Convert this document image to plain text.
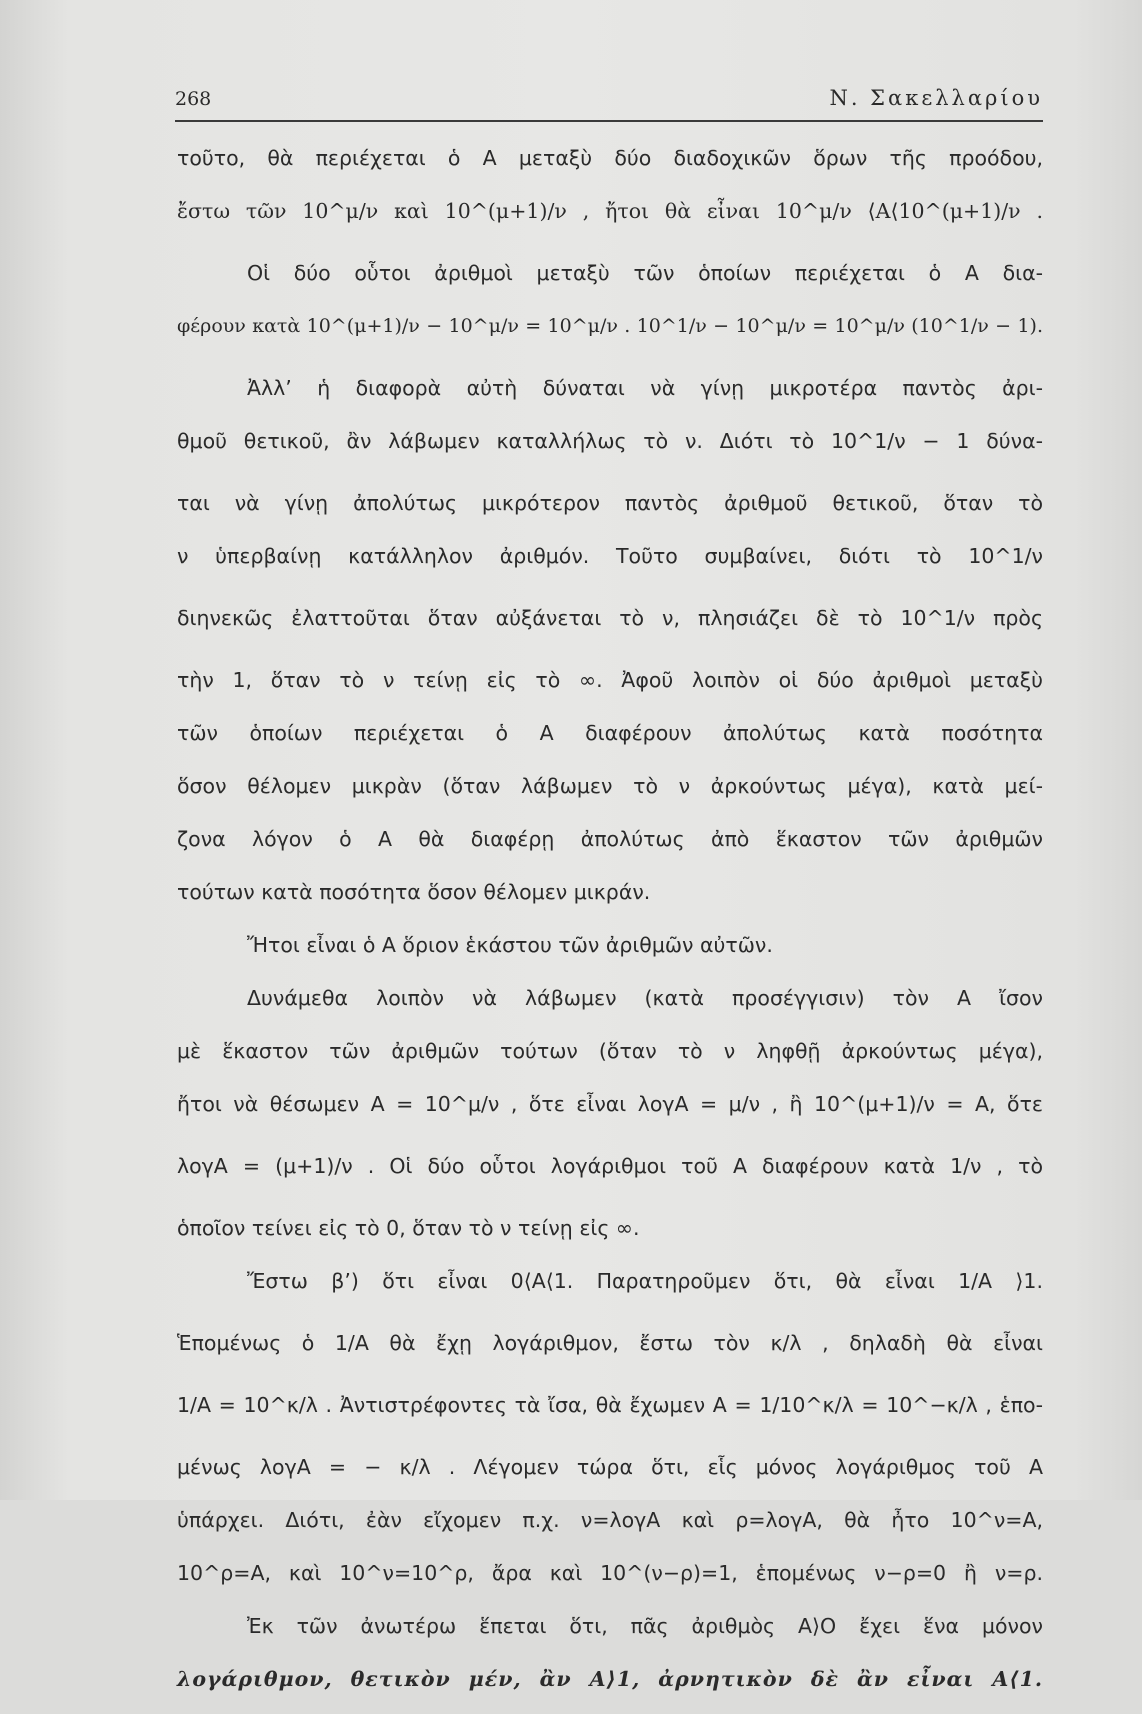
268	Ν. Σακελλαρίου
τοῦτο, θὰ περιέχεται ὁ Α μεταξὺ δύο διαδοχικῶν ὅρων τῆς προόδου,
ἔστω τῶν 10^μ/ν καὶ 10^(μ+1)/ν , ἤτοι θὰ εἶναι 10^μ/ν ⟨Α⟨10^(μ+1)/ν .
Οἱ δύο οὗτοι ἀριθμοὶ μεταξὺ τῶν ὁποίων περιέχεται ὁ Α δια-
φέρουν κατὰ 10^(μ+1)/ν − 10^μ/ν = 10^μ/ν . 10^1/ν − 10^μ/ν = 10^μ/ν (10^1/ν − 1).
Ἀλλ’ ἡ διαφορὰ αὐτὴ δύναται νὰ γίνῃ μικροτέρα παντὸς ἀρι-
θμοῦ θετικοῦ, ἂν λάβωμεν καταλλήλως τὸ ν. Διότι τὸ 10^1/ν − 1 δύνα-
ται νὰ γίνῃ ἀπολύτως μικρότερον παντὸς ἀριθμοῦ θετικοῦ, ὅταν τὸ
ν ὑπερβαίνῃ κατάλληλον ἀριθμόν. Τοῦτο συμβαίνει, διότι τὸ 10^1/ν
διηνεκῶς ἐλαττοῦται ὅταν αὐξάνεται τὸ ν, πλησιάζει δὲ τὸ 10^1/ν πρὸς
τὴν 1, ὅταν τὸ ν τείνῃ εἰς τὸ ∞. Ἀφοῦ λοιπὸν οἱ δύο ἀριθμοὶ μεταξὺ
τῶν ὁποίων περιέχεται ὁ Α διαφέρουν ἀπολύτως κατὰ ποσότητα
ὅσον θέλομεν μικρὰν (ὅταν λάβωμεν τὸ ν ἀρκούντως μέγα), κατὰ μεί-
ζονα λόγον ὁ Α θὰ διαφέρῃ ἀπολύτως ἀπὸ ἕκαστον τῶν ἀριθμῶν
τούτων κατὰ ποσότητα ὅσον θέλομεν μικράν.
Ἤτοι εἶναι ὁ Α ὅριον ἑκάστου τῶν ἀριθμῶν αὐτῶν.
Δυνάμεθα λοιπὸν νὰ λάβωμεν (κατὰ προσέγγισιν) τὸν Α ἴσον
μὲ ἕκαστον τῶν ἀριθμῶν τούτων (ὅταν τὸ ν ληφθῇ ἀρκούντως μέγα),
ἤτοι νὰ θέσωμεν Α = 10^μ/ν , ὅτε εἶναι λογΑ = μ/ν , ἢ 10^(μ+1)/ν = Α, ὅτε
λογΑ = (μ+1)/ν . Οἱ δύο οὗτοι λογάριθμοι τοῦ Α διαφέρουν κατὰ 1/ν , τὸ
ὁποῖον τείνει εἰς τὸ 0, ὅταν τὸ ν τείνῃ εἰς ∞.
Ἔστω β’) ὅτι εἶναι 0⟨Α⟨1. Παρατηροῦμεν ὅτι, θὰ εἶναι 1/Α ⟩1.
Ἑπομένως ὁ 1/Α θὰ ἔχῃ λογάριθμον, ἔστω τὸν κ/λ , δηλαδὴ θὰ εἶναι
1/Α = 10^κ/λ . Ἀντιστρέφοντες τὰ ἴσα, θὰ ἔχωμεν Α = 1/10^κ/λ = 10^−κ/λ , ἑπο-
μένως λογΑ = − κ/λ . Λέγομεν τώρα ὅτι, εἷς μόνος λογάριθμος τοῦ Α
ὑπάρχει. Διότι, ἐὰν εἴχομεν π.χ. ν=λογΑ καὶ ρ=λογΑ, θὰ ἦτο 10^ν=Α,
10^ρ=Α, καὶ 10^ν=10^ρ, ἄρα καὶ 10^(ν−ρ)=1, ἑπομένως ν−ρ=0 ἢ ν=ρ.
Ἐκ τῶν ἀνωτέρω ἕπεται ὅτι, πᾶς ἀριθμὸς Α⟩Ο ἔχει ἕνα μόνον
λογάριθμον, θετικὸν μέν, ἂν Α⟩1, ἀρνητικὸν δὲ ἂν εἶναι Α⟨1.
